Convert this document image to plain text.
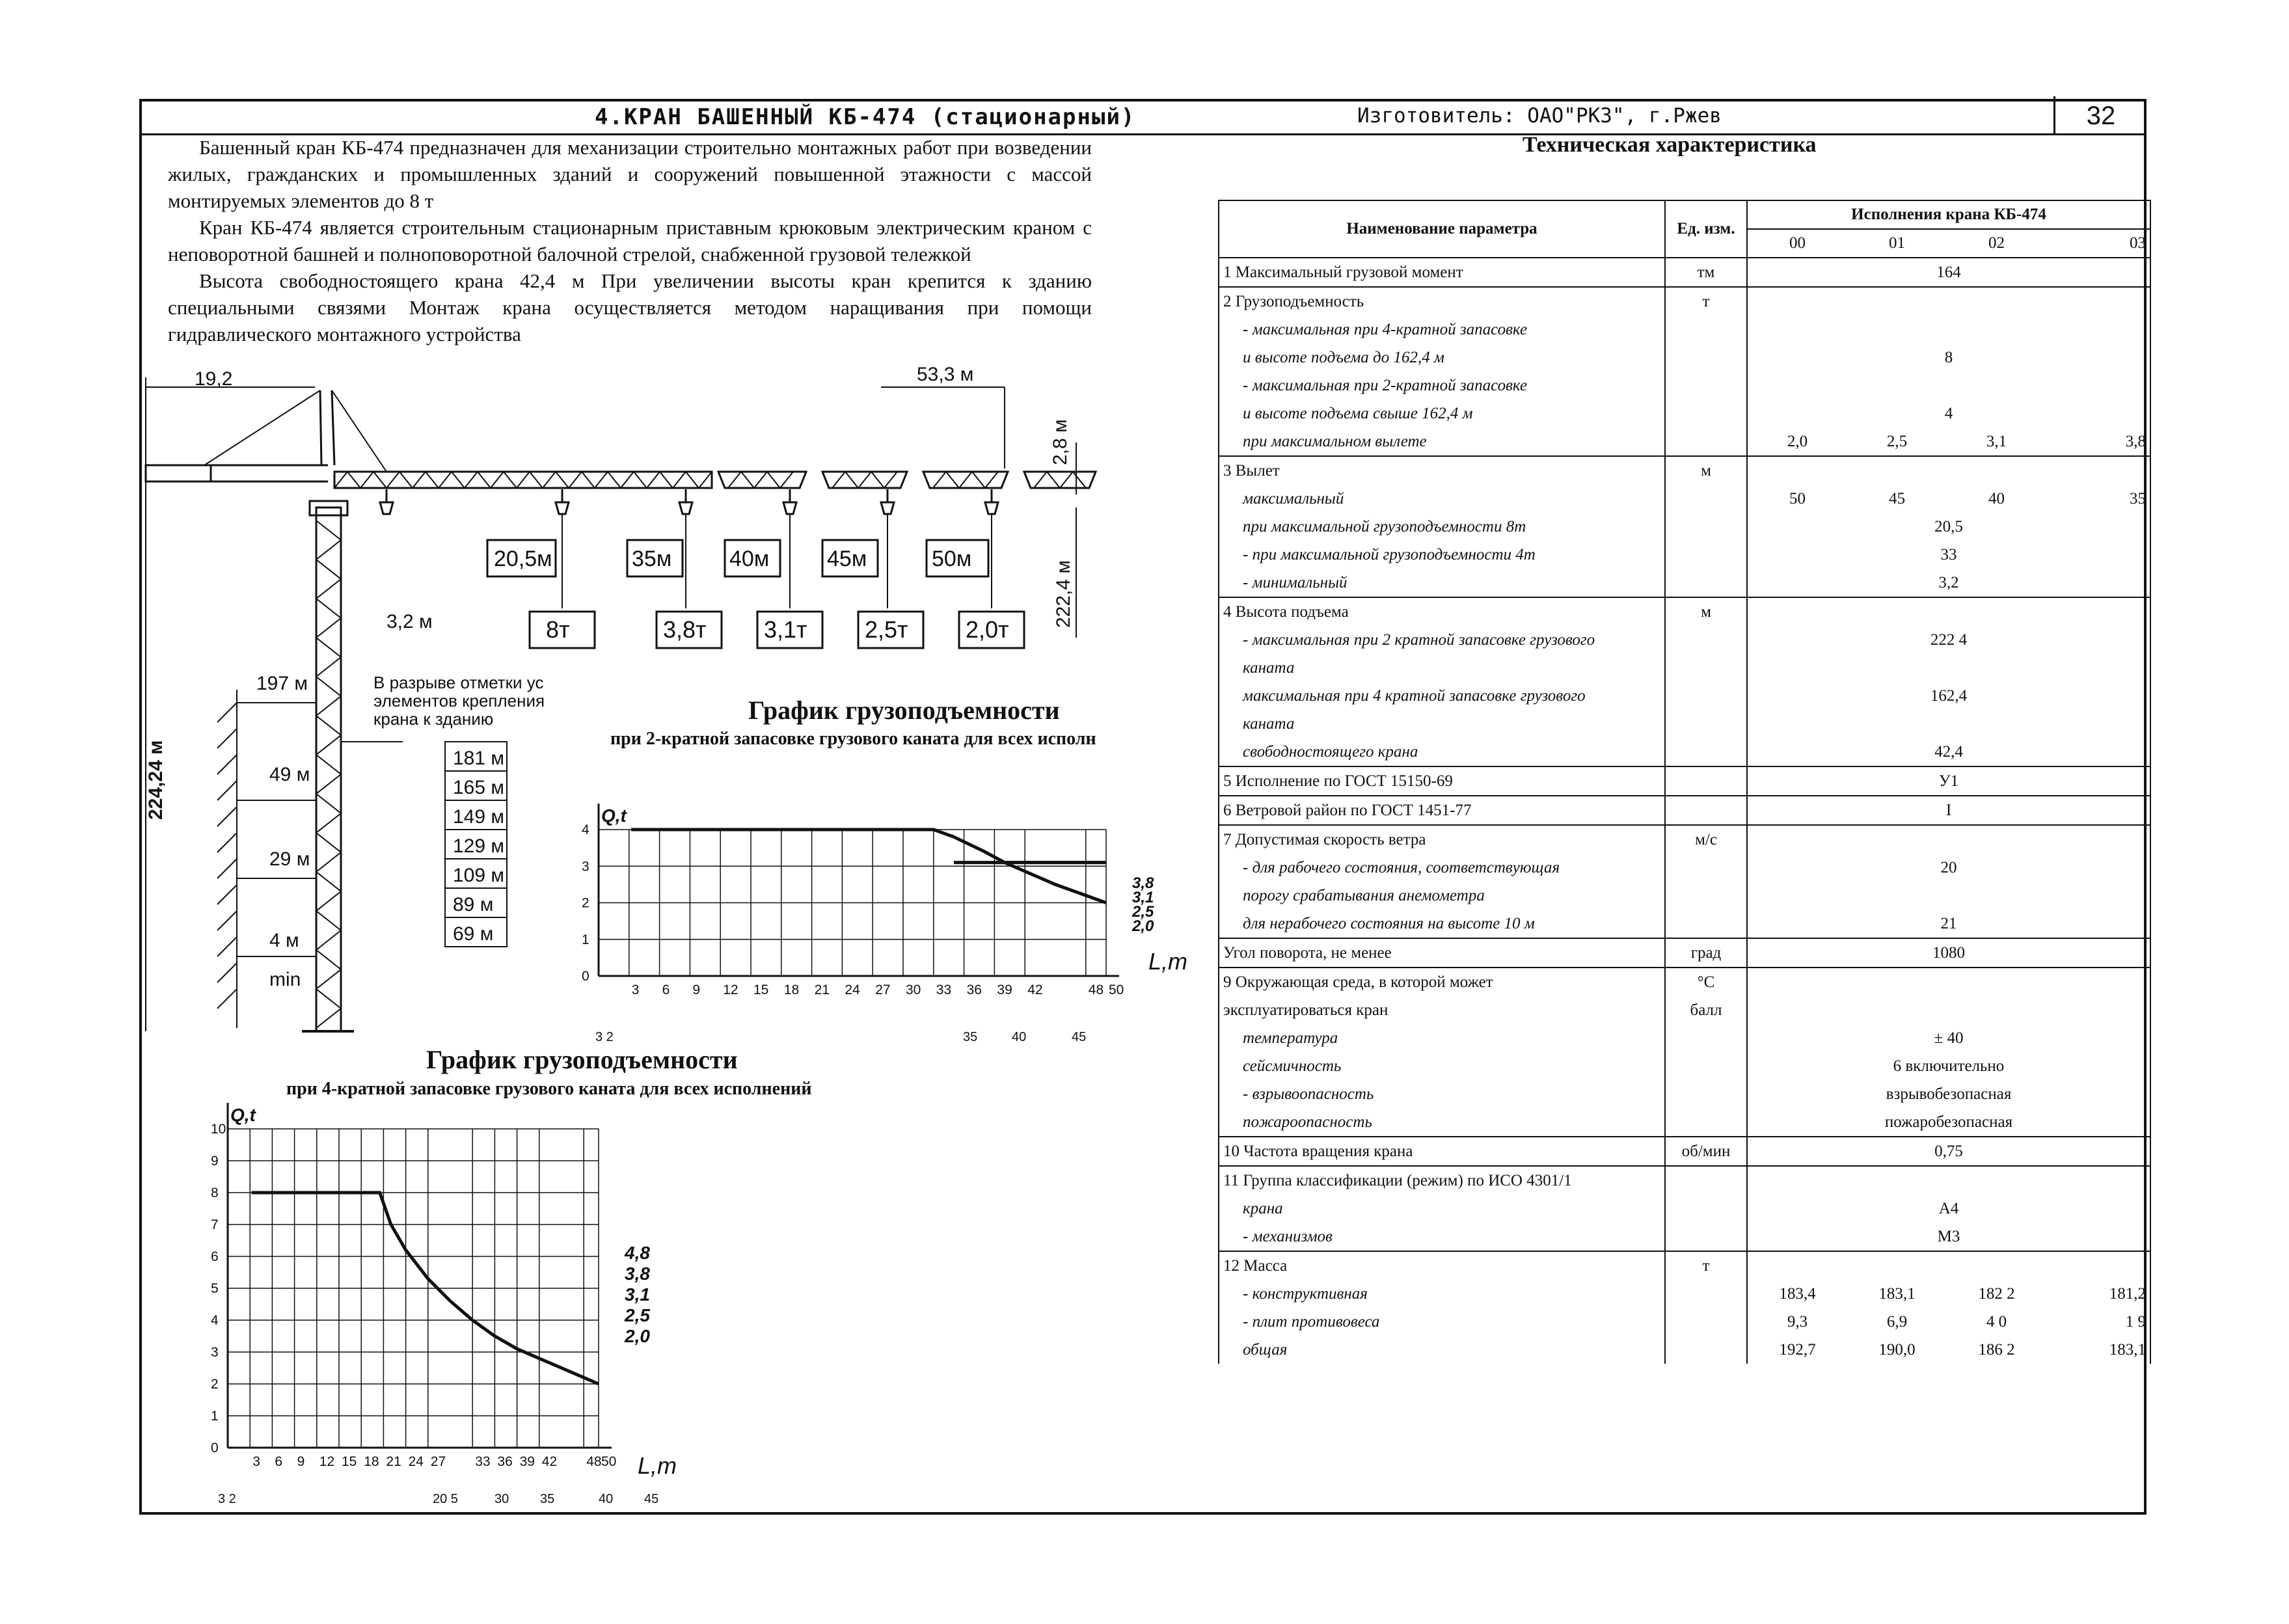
4.КРАН БАШЕННЫЙ КБ-474 (стационарный)	Изготовитель: ОАО"РКЗ", г.Ржев	32

Башенный кран КБ-474 предназначен для механизации строительно монтажных работ при возведении жилых, гражданских и промышленных зданий и сооружений повышенной этажности с массой монтируемых элементов до 8 т

Кран КБ-474 является строительным стационарным приставным крюковым электрическим краном с неповоротной башней и полноповоротной балочной стрелой, снабженной грузовой тележкой

Высота свободностоящего крана 42,4 м При увеличении высоты кран крепится к зданию специальными связями Монтаж крана осуществляется методом наращивания при помощи гидравлического монтажного устройства

19,2	53,3 м
2,8 м
222,4 м
224,24 м
3,2 м
20,5м	35м	40м	45м	50м
8т	3,8т 3,1т 2,5т 2,0т
197 м
49 м
29 м
4 м
min
В разрыве отметки ус элементов крепления крана к зданию
181 м
165 м
149 м
129 м
109 м
89 м
69 м
График грузоподъемности
при 2-кратной запасовке грузового каната для всех исполн
3 6 9 12 15 18 21 24 27 30 33 36 39 42	48 50
0
1
2
3
4
Q,t
L,m
3,8
3,1
2,5
2,0
3 2	35	40	45
График грузоподъемности
при 4-кратной запасовке грузового каната для всех исполнений
3 6 9 12 15 18 21 24 27 33 36 39 42 48 50
0
1
2
3
4
5
6
7
8
9
10
Q,t
L,m
4,8
3,8
3,1
2,5
2,0
3 2	20 5	30 35	40 45
Техническая характеристика
Наименование параметра	Ед. изм.	Исполнения крана КБ-474

		00 01 02 03

1 Максимальный грузовой момент	тм	164
2 Грузоподъемность	т	
- максимальная при 4-кратной запасовке		
и высоте подъема до 162,4 м		8
- максимальная при 2-кратной запасовке		
и высоте подъема свыше 162,4 м		4
при максимальном вылете		2,0 2,5 3,1 3,8

3 Вылет	м	
максимальный		50 45 40 35

при максимальной грузоподъемности 8т		20,5
- при максимальной грузоподъемности 4т		33
- минимальный		3,2
4 Высота подъема	м	
- максимальная при 2 кратной запасовке грузового		222 4
каната		
максимальная при 4 кратной запасовке грузового		162,4
каната		
свободностоящего крана		42,4
5 Исполнение по ГОСТ 15150-69		У1
6 Ветровой район по ГОСТ 1451-77		I
7 Допустимая скорость ветра	м/с	
- для рабочего состояния, соответствующая		20
порогу срабатывания анемометра		
для нерабочего состояния на высоте 10 м		21
Угол поворота, не менее	град	1080
9 Окружающая среда, в которой может	°С	
эксплуатироваться кран	балл	
температура		± 40
сейсмичность		6 включительно
- взрывоопасность		взрывобезопасная
пожароопасность		пожаробезопасная
10 Частота вращения крана	об/мин	0,75
11 Группа классификации (режим) по ИСО 4301/1		
крана		А4
- механизмов		М3
12 Масса	т	
- конструктивная		183,4 183,1 182 2 181,2

- плит противовеса		9,3 6,9 4 0 1 9

общая		192,7 190,0 186 2 183,1
